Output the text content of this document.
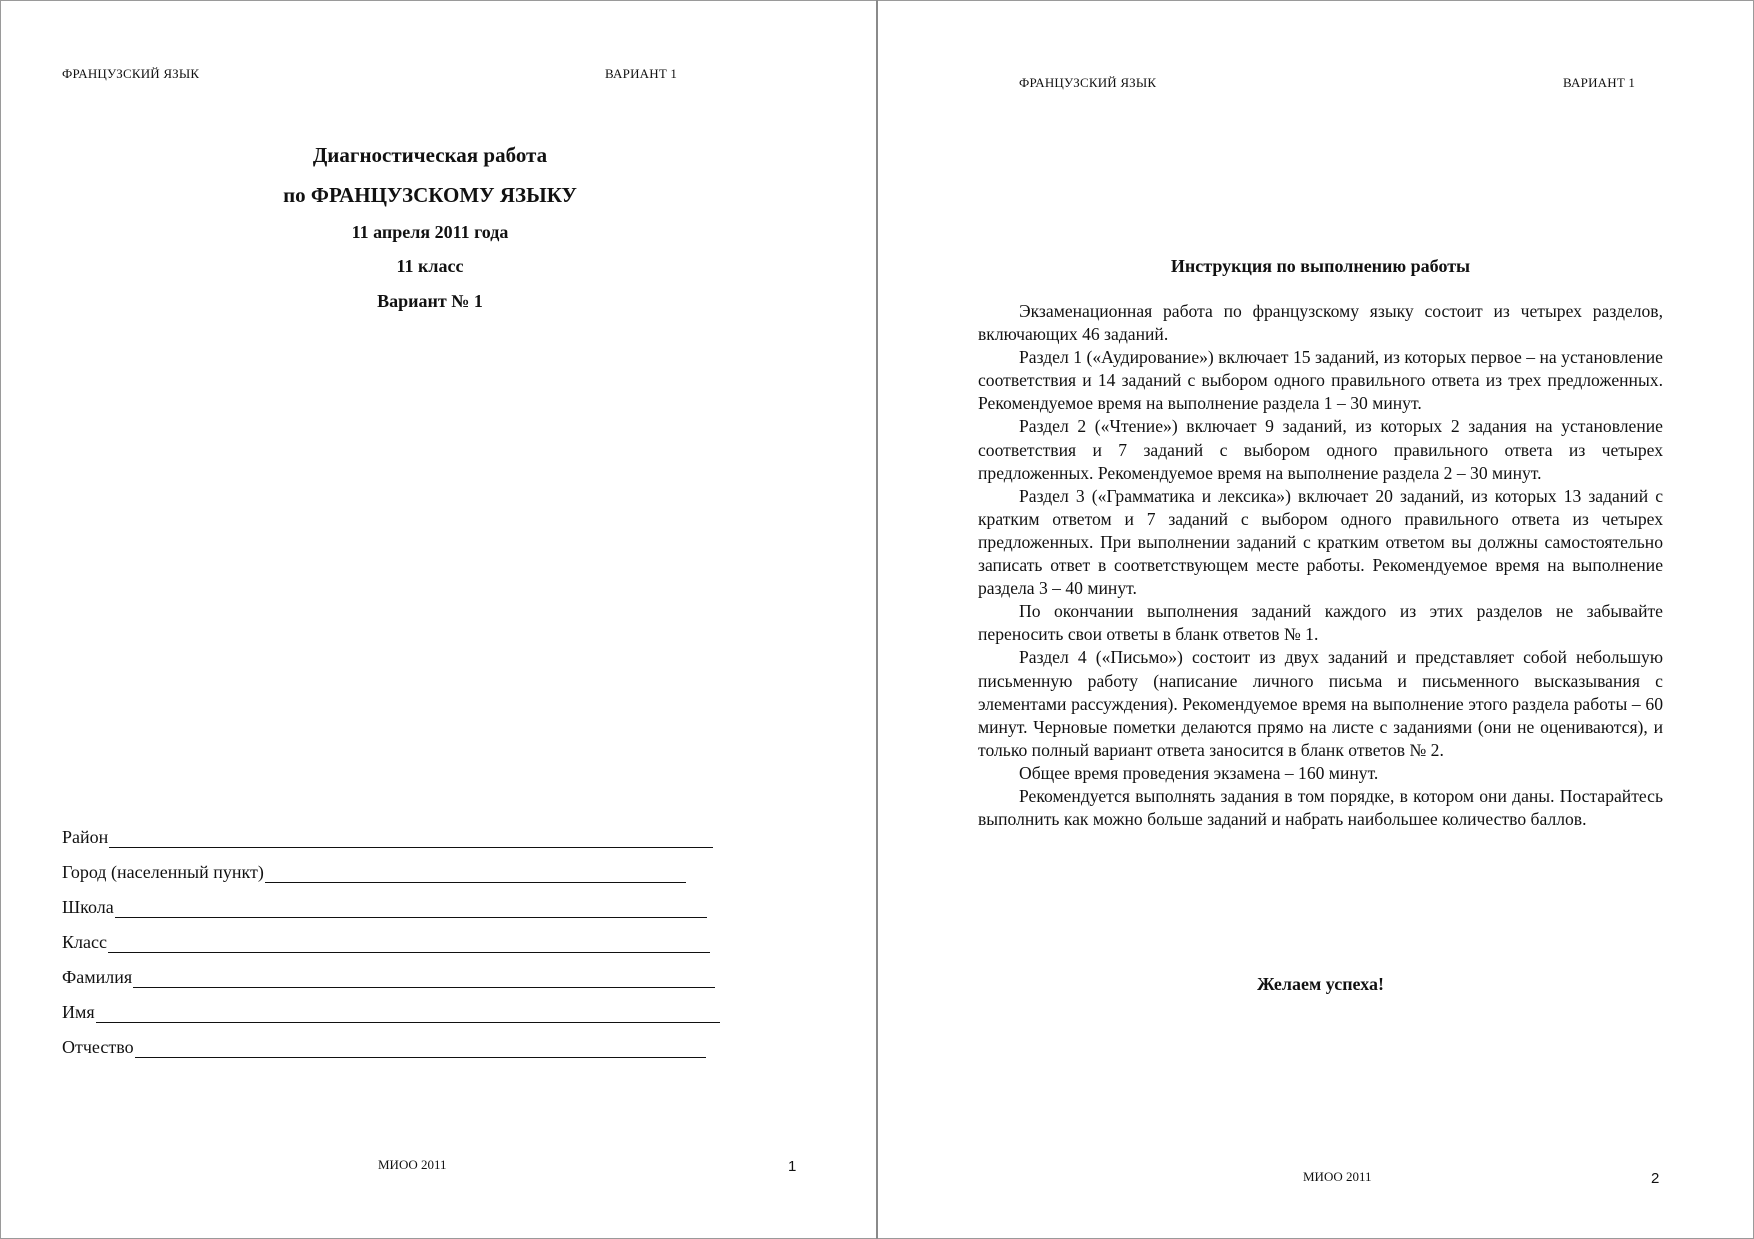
ФРАНЦУЗСКИЙ ЯЗЫК	ВАРИАНТ 1
Диагностическая работа
по ФРАНЦУЗСКОМУ ЯЗЫКУ
11 апреля 2011 года
11 класс
Вариант № 1
Район
Город (населенный пункт)
Школа
Класс
Фамилия
Имя
Отчество
МИОО 2011	1
ФРАНЦУЗСКИЙ ЯЗЫК	ВАРИАНТ 1
Инструкция по выполнению работы

Экзаменационная работа по французскому языку состоит из четырех разделов, включающих 46 заданий.

Раздел 1 («Аудирование») включает 15 заданий, из которых первое – на установление соответствия и 14 заданий с выбором одного правильного ответа из трех предложенных. Рекомендуемое время на выполнение раздела 1 – 30 минут.

Раздел 2 («Чтение») включает 9 заданий, из которых 2 задания на установление соответствия и 7 заданий с выбором одного правильного ответа из четырех предложенных. Рекомендуемое время на выполнение раздела 2 – 30 минут.

Раздел 3 («Грамматика и лексика») включает 20 заданий, из которых 13 заданий с кратким ответом и 7 заданий с выбором одного правильного ответа из четырех предложенных. При выполнении заданий с кратким ответом вы должны самостоятельно записать ответ в соответствующем месте работы. Рекомендуемое время на выполнение раздела 3 – 40 минут.

По окончании выполнения заданий каждого из этих разделов не забывайте переносить свои ответы в бланк ответов № 1.

Раздел 4 («Письмо») состоит из двух заданий и представляет собой небольшую письменную работу (написание личного письма и письменного высказывания с элементами рассуждения). Рекомендуемое время на выполнение этого раздела работы – 60 минут. Черновые пометки делаются прямо на листе с заданиями (они не оцениваются), и только полный вариант ответа заносится в бланк ответов № 2.

Общее время проведения экзамена – 160 минут.

Рекомендуется выполнять задания в том порядке, в котором они даны. Постарайтесь выполнить как можно больше заданий и набрать наибольшее количество баллов.

Желаем успеха!
МИОО 2011	2
